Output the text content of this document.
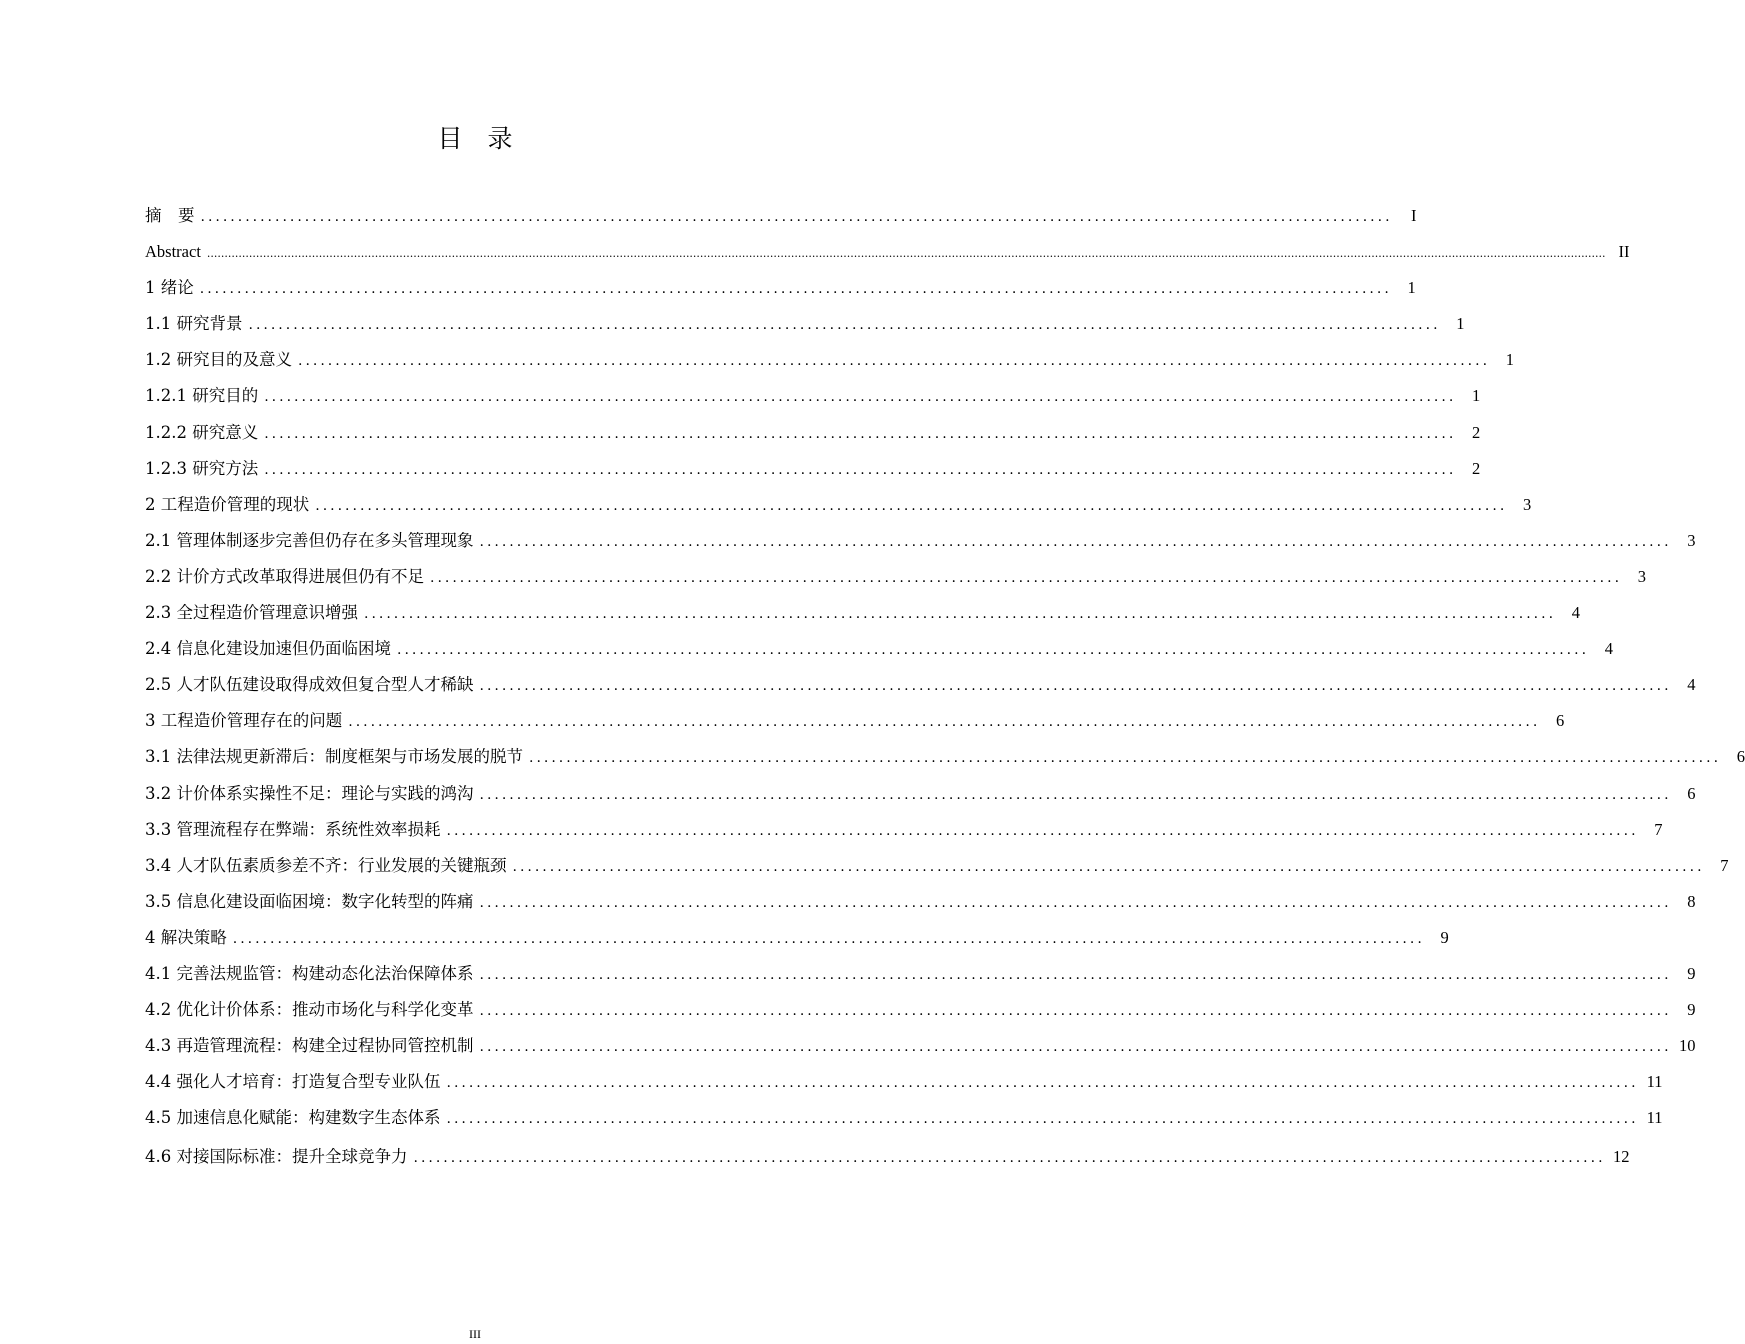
目　录
摘　要 ................................................................................................................................................................	I
Abstract ................................................................................................................................................................................................................................................................................................................................................................................................................ II
1 绪论 ................................................................................................................................................................ 1
1.1 研究背景 ................................................................................................................................................................ 1
1.2 研究目的及意义 ................................................................................................................................................................ 1
1.2.1 研究目的 ................................................................................................................................................................ 1
1.2.2 研究意义 ................................................................................................................................................................ 2
1.2.3 研究方法 ................................................................................................................................................................ 2
2 工程造价管理的现状 ................................................................................................................................................................ 3
2.1 管理体制逐步完善但仍存在多头管理现象 ................................................................................................................................................................ 3
2.2 计价方式改革取得进展但仍有不足 ................................................................................................................................................................ 3
2.3 全过程造价管理意识增强 ................................................................................................................................................................ 4
2.4 信息化建设加速但仍面临困境 ................................................................................................................................................................ 4
2.5 人才队伍建设取得成效但复合型人才稀缺 ................................................................................................................................................................ 4
3 工程造价管理存在的问题 ................................................................................................................................................................ 6
3.1 法律法规更新滞后：制度框架与市场发展的脱节 ................................................................................................................................................................ 6
3.2 计价体系实操性不足：理论与实践的鸿沟 ................................................................................................................................................................ 6
3.3 管理流程存在弊端：系统性效率损耗 ................................................................................................................................................................ 7
3.4 人才队伍素质参差不齐：行业发展的关键瓶颈 ................................................................................................................................................................ 7
3.5 信息化建设面临困境：数字化转型的阵痛 ................................................................................................................................................................ 8
4 解决策略 ................................................................................................................................................................ 9
4.1 完善法规监管：构建动态化法治保障体系 ................................................................................................................................................................ 9
4.2 优化计价体系：推动市场化与科学化变革 ................................................................................................................................................................ 9
4.3 再造管理流程：构建全过程协同管控机制 ................................................................................................................................................................ 10
4.4 强化人才培育：打造复合型专业队伍 ................................................................................................................................................................ 11
4.5 加速信息化赋能：构建数字生态体系 ................................................................................................................................................................ 11
4.6 对接国际标准：提升全球竞争力 ................................................................................................................................................................ 12
III
